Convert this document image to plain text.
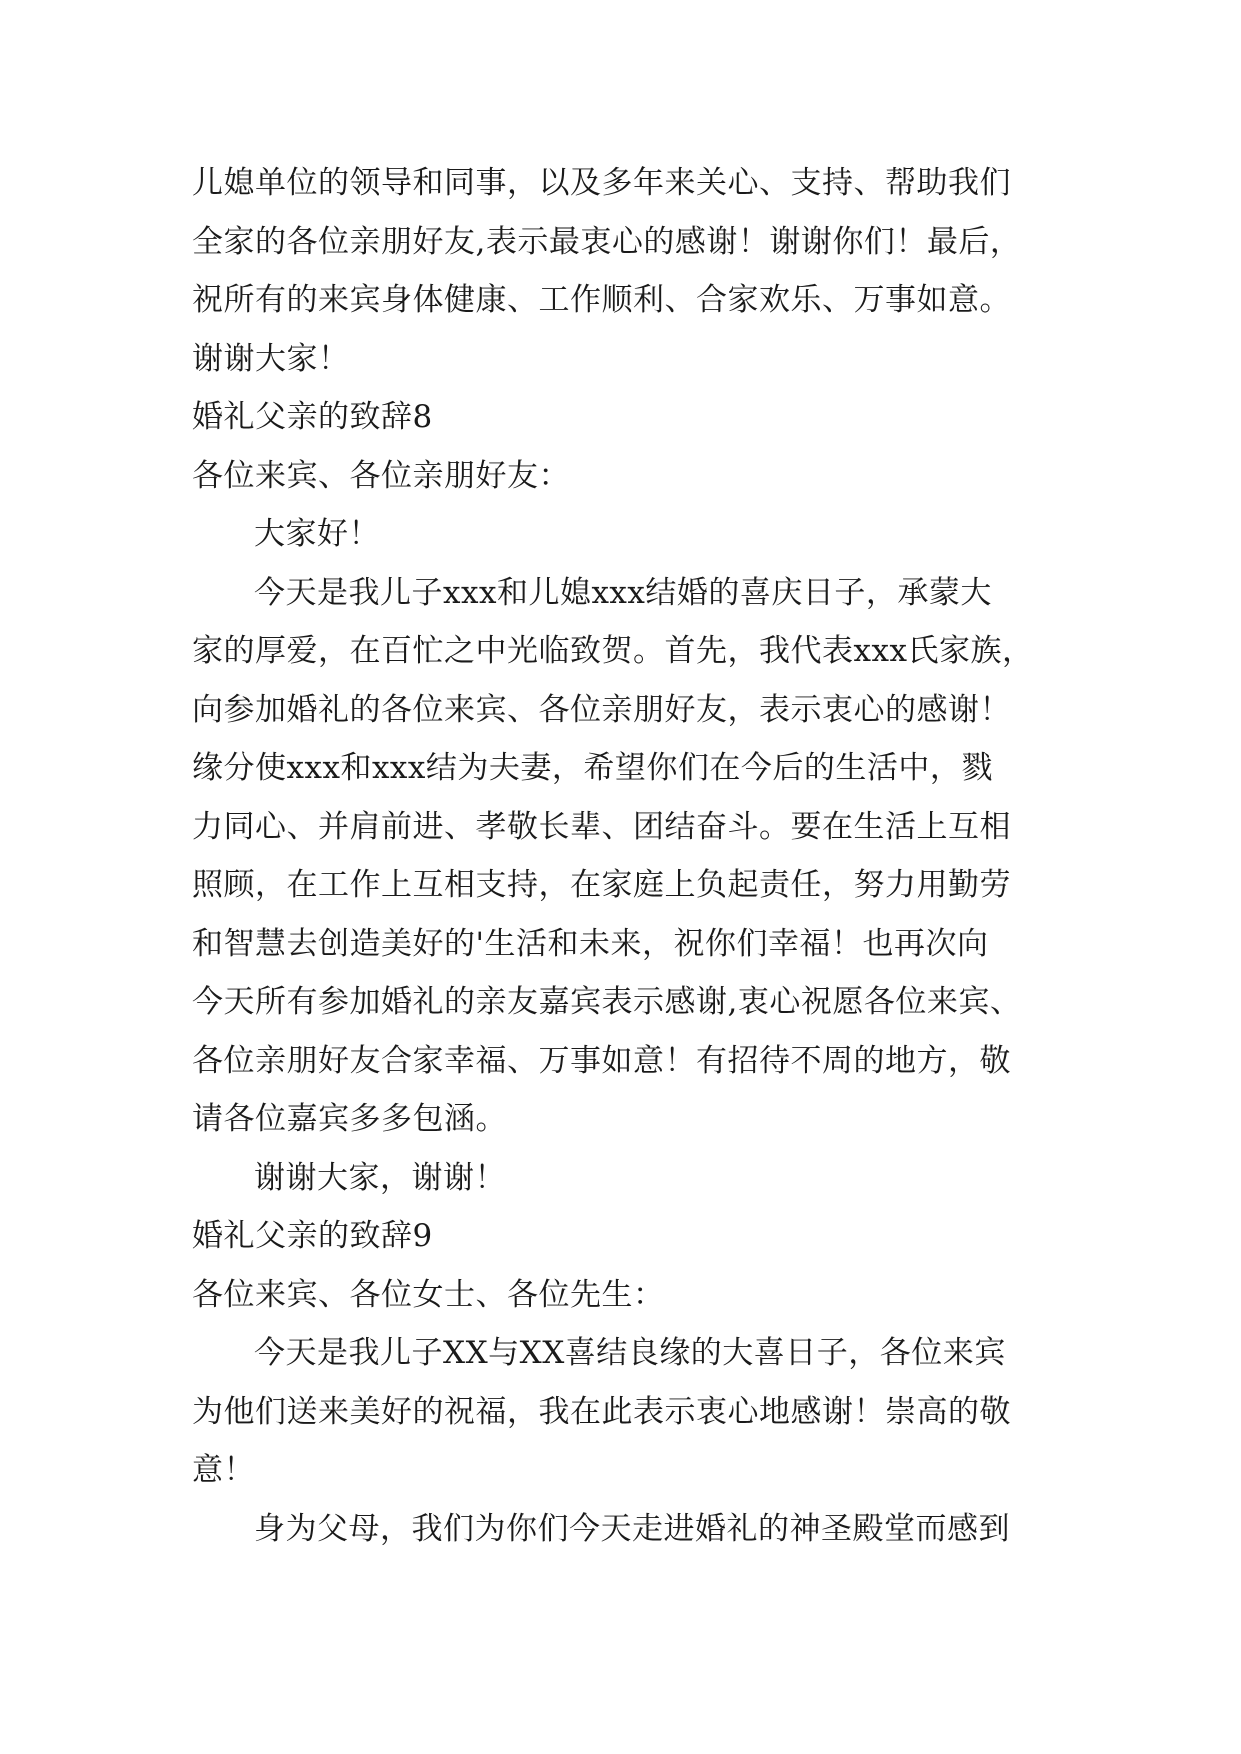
儿媳单位的领导和同事，以及多年来关心、支持、帮助我们
全家的各位亲朋好友,表示最衷心的感谢！谢谢你们！最后，
祝所有的来宾身体健康、工作顺利、合家欢乐、万事如意。
谢谢大家！
婚礼父亲的致辞8
各位来宾、各位亲朋好友：
大家好！
今天是我儿子xxx和儿媳xxx结婚的喜庆日子，承蒙大
家的厚爱，在百忙之中光临致贺。首先，我代表xxx氏家族，
向参加婚礼的各位来宾、各位亲朋好友，表示衷心的感谢！
缘分使xxx和xxx结为夫妻，希望你们在今后的生活中，戮
力同心、并肩前进、孝敬长辈、团结奋斗。要在生活上互相
照顾，在工作上互相支持，在家庭上负起责任，努力用勤劳
和智慧去创造美好的'生活和未来，祝你们幸福！也再次向
今天所有参加婚礼的亲友嘉宾表示感谢,衷心祝愿各位来宾、
各位亲朋好友合家幸福、万事如意！有招待不周的地方，敬
请各位嘉宾多多包涵。
谢谢大家，谢谢！
婚礼父亲的致辞9
各位来宾、各位女士、各位先生：
今天是我儿子XX与XX喜结良缘的大喜日子，各位来宾
为他们送来美好的祝福，我在此表示衷心地感谢！崇高的敬
意！
身为父母，我们为你们今天走进婚礼的神圣殿堂而感到
